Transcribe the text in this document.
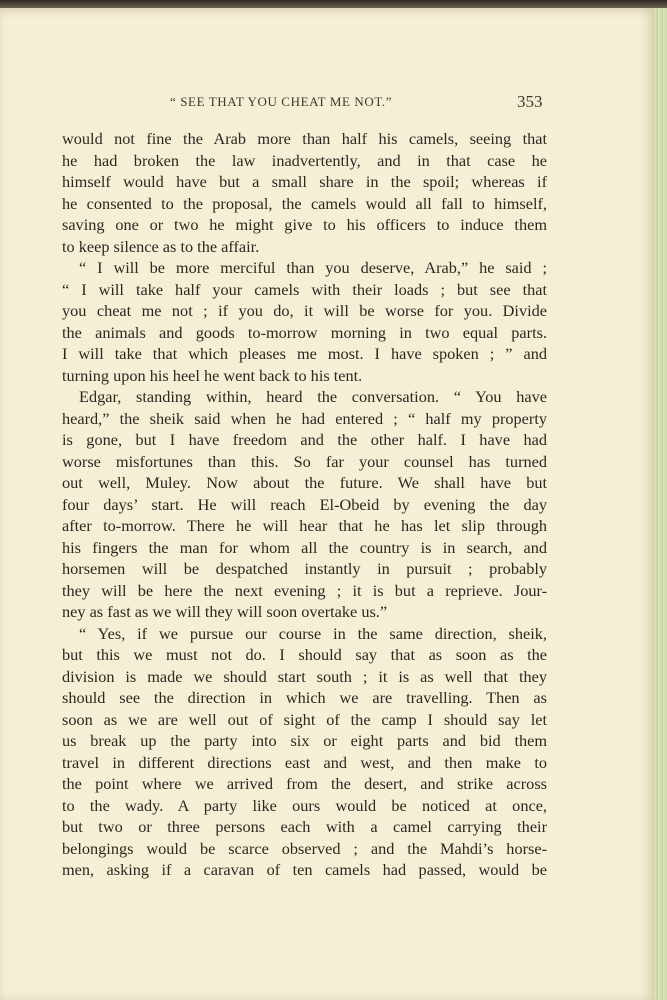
“ SEE THAT YOU CHEAT ME NOT.”	353
would not fine the Arab more than half his camels, seeing that
he had broken the law inadvertently, and in that case he
himself would have but a small share in the spoil; whereas if
he consented to the proposal, the camels would all fall to himself,
saving one or two he might give to his officers to induce them
to keep silence as to the affair.
“ I will be more merciful than you deserve, Arab,” he said ;
“ I will take half your camels with their loads ; but see that
you cheat me not ; if you do, it will be worse for you. Divide
the animals and goods to-morrow morning in two equal parts.
I will take that which pleases me most. I have spoken ; ” and
turning upon his heel he went back to his tent.
Edgar, standing within, heard the conversation. “ You have
heard,” the sheik said when he had entered ; “ half my property
is gone, but I have freedom and the other half. I have had
worse misfortunes than this. So far your counsel has turned
out well, Muley. Now about the future. We shall have but
four days’ start. He will reach El-Obeid by evening the day
after to-morrow. There he will hear that he has let slip through
his fingers the man for whom all the country is in search, and
horsemen will be despatched instantly in pursuit ; probably
they will be here the next evening ; it is but a reprieve. Jour-
ney as fast as we will they will soon overtake us.”
“ Yes, if we pursue our course in the same direction, sheik,
but this we must not do. I should say that as soon as the
division is made we should start south ; it is as well that they
should see the direction in which we are travelling. Then as
soon as we are well out of sight of the camp I should say let
us break up the party into six or eight parts and bid them
travel in different directions east and west, and then make to
the point where we arrived from the desert, and strike across
to the wady. A party like ours would be noticed at once,
but two or three persons each with a camel carrying their
belongings would be scarce observed ; and the Mahdi’s horse-
men, asking if a caravan of ten camels had passed, would be
